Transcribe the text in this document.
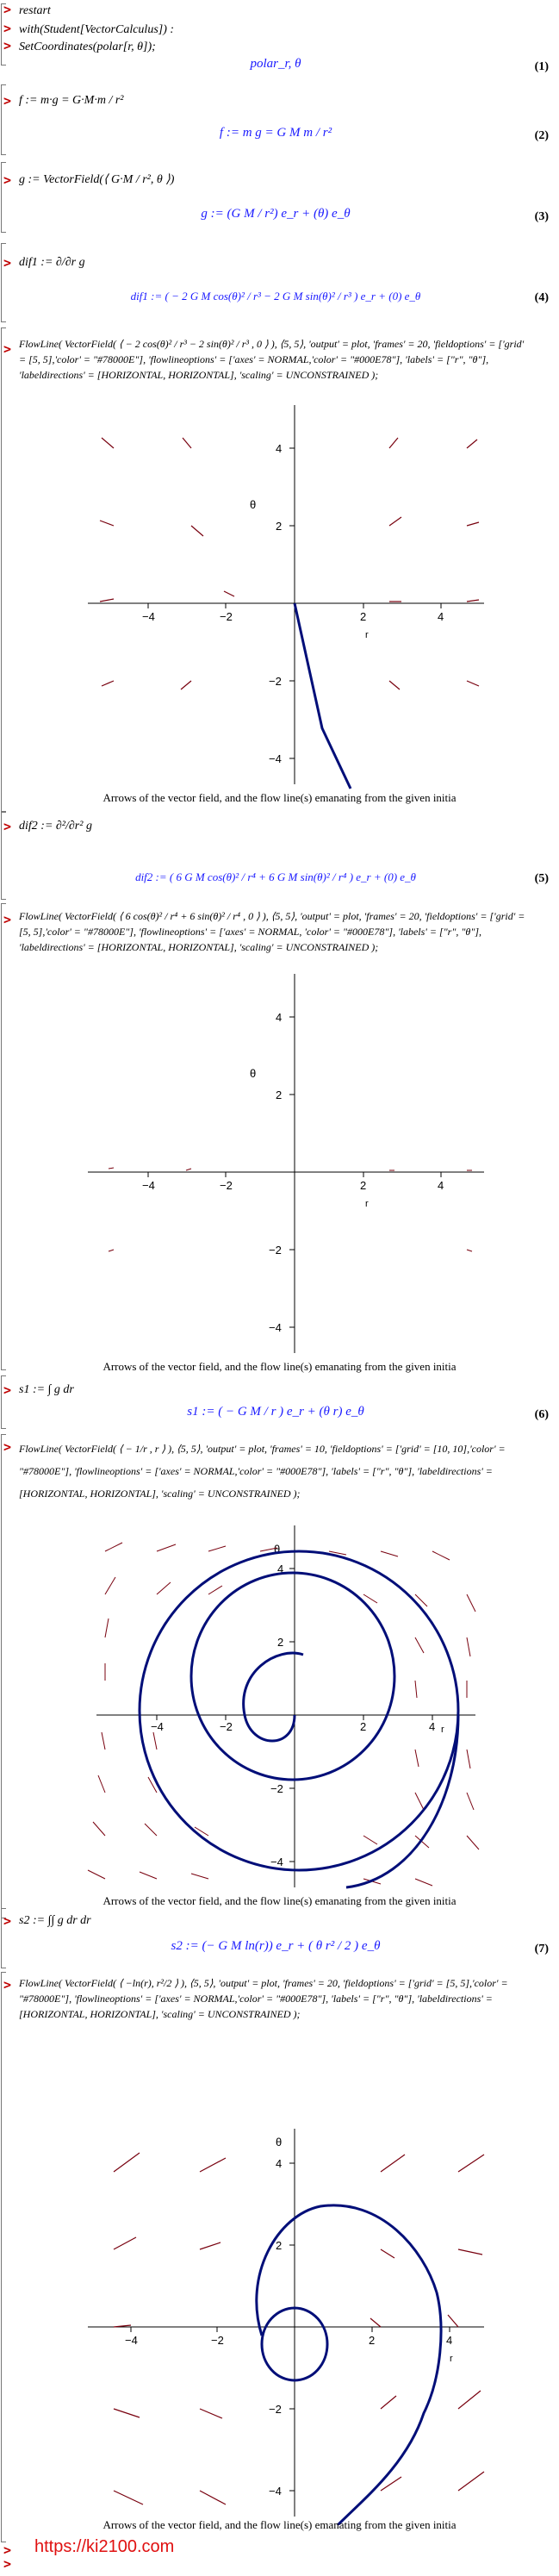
> restart
> with(Student[VectorCalculus]) :
> SetCoordinates(polar[r, θ]);
polar_r, θ	(1)
> f := m·g = G·M·m / r²
f := m g = G M m / r²	(2)
> g := VectorField(⟨ G·M / r², θ ⟩)
g := (G M / r²) e_r + (θ) e_θ	(3)
> dif1 := ∂/∂r g
dif1 := ( − 2 G M cos(θ)² / r³ − 2 G M sin(θ)² / r³ ) e_r + (0) e_θ	(4)
> FlowLine( VectorField( ⟨ − 2 cos(θ)² / r³ − 2 sin(θ)² / r³ , 0 ⟩ ), ⟨5, 5⟩, 'output' = plot, 'frames' = 20, 'fieldoptions' = ['grid' = [5, 5],'color' = "#78000E"], 'flowlineoptions' = ['axes' = NORMAL,'color' = "#000E78"], 'labels' = ["r", "θ"], 'labeldirections' = [HORIZONTAL, HORIZONTAL], 'scaling' = UNCONSTRAINED );
−4	−2	2	4
4
2
−2
−4
r
θ
Arrows of the vector field, and the flow line(s) emanating from the given initia
> dif2 := ∂²/∂r² g
dif2 := ( 6 G M cos(θ)² / r⁴ + 6 G M sin(θ)² / r⁴ ) e_r + (0) e_θ	(5)
> FlowLine( VectorField( ⟨ 6 cos(θ)² / r⁴ + 6 sin(θ)² / r⁴ , 0 ⟩ ), ⟨5, 5⟩, 'output' = plot, 'frames' = 20, 'fieldoptions' = ['grid' = [5, 5],'color' = "#78000E"], 'flowlineoptions' = ['axes' = NORMAL, 'color' = "#000E78"], 'labels' = ["r", "θ"], 'labeldirections' = [HORIZONTAL, HORIZONTAL], 'scaling' = UNCONSTRAINED );
−4	−2	2	4
4
2
−2
−4
r
θ
Arrows of the vector field, and the flow line(s) emanating from the given initia
> s1 := ∫ g dr
s1 := ( − G M / r ) e_r + (θ r) e_θ	(6)
> FlowLine( VectorField( ⟨ − 1/r , r ⟩ ), ⟨5, 5⟩, 'output' = plot, 'frames' = 10, 'fieldoptions' = ['grid' = [10, 10],'color' = "#78000E"], 'flowlineoptions' = ['axes' = NORMAL,'color' = "#000E78"], 'labels' = ["r", "θ"], 'labeldirections' = [HORIZONTAL, HORIZONTAL], 'scaling' = UNCONSTRAINED );
−4	−2	2	4
4
2
−2
−4
r
θ
Arrows of the vector field, and the flow line(s) emanating from the given initia
> s2 := ∫∫ g dr dr
s2 := (− G M ln(r)) e_r + ( θ r² / 2 ) e_θ	(7)
> FlowLine( VectorField( ⟨ −ln(r), r²/2 ⟩ ), ⟨5, 5⟩, 'output' = plot, 'frames' = 20, 'fieldoptions' = ['grid' = [5, 5],'color' = "#78000E"], 'flowlineoptions' = ['axes' = NORMAL,'color' = "#000E78"], 'labels' = ["r", "θ"], 'labeldirections' = [HORIZONTAL, HORIZONTAL], 'scaling' = UNCONSTRAINED );
−4	−2	2	4
4
2
−2
−4
r
θ
Arrows of the vector field, and the flow line(s) emanating from the given initia
>
>
https://ki2100.com
